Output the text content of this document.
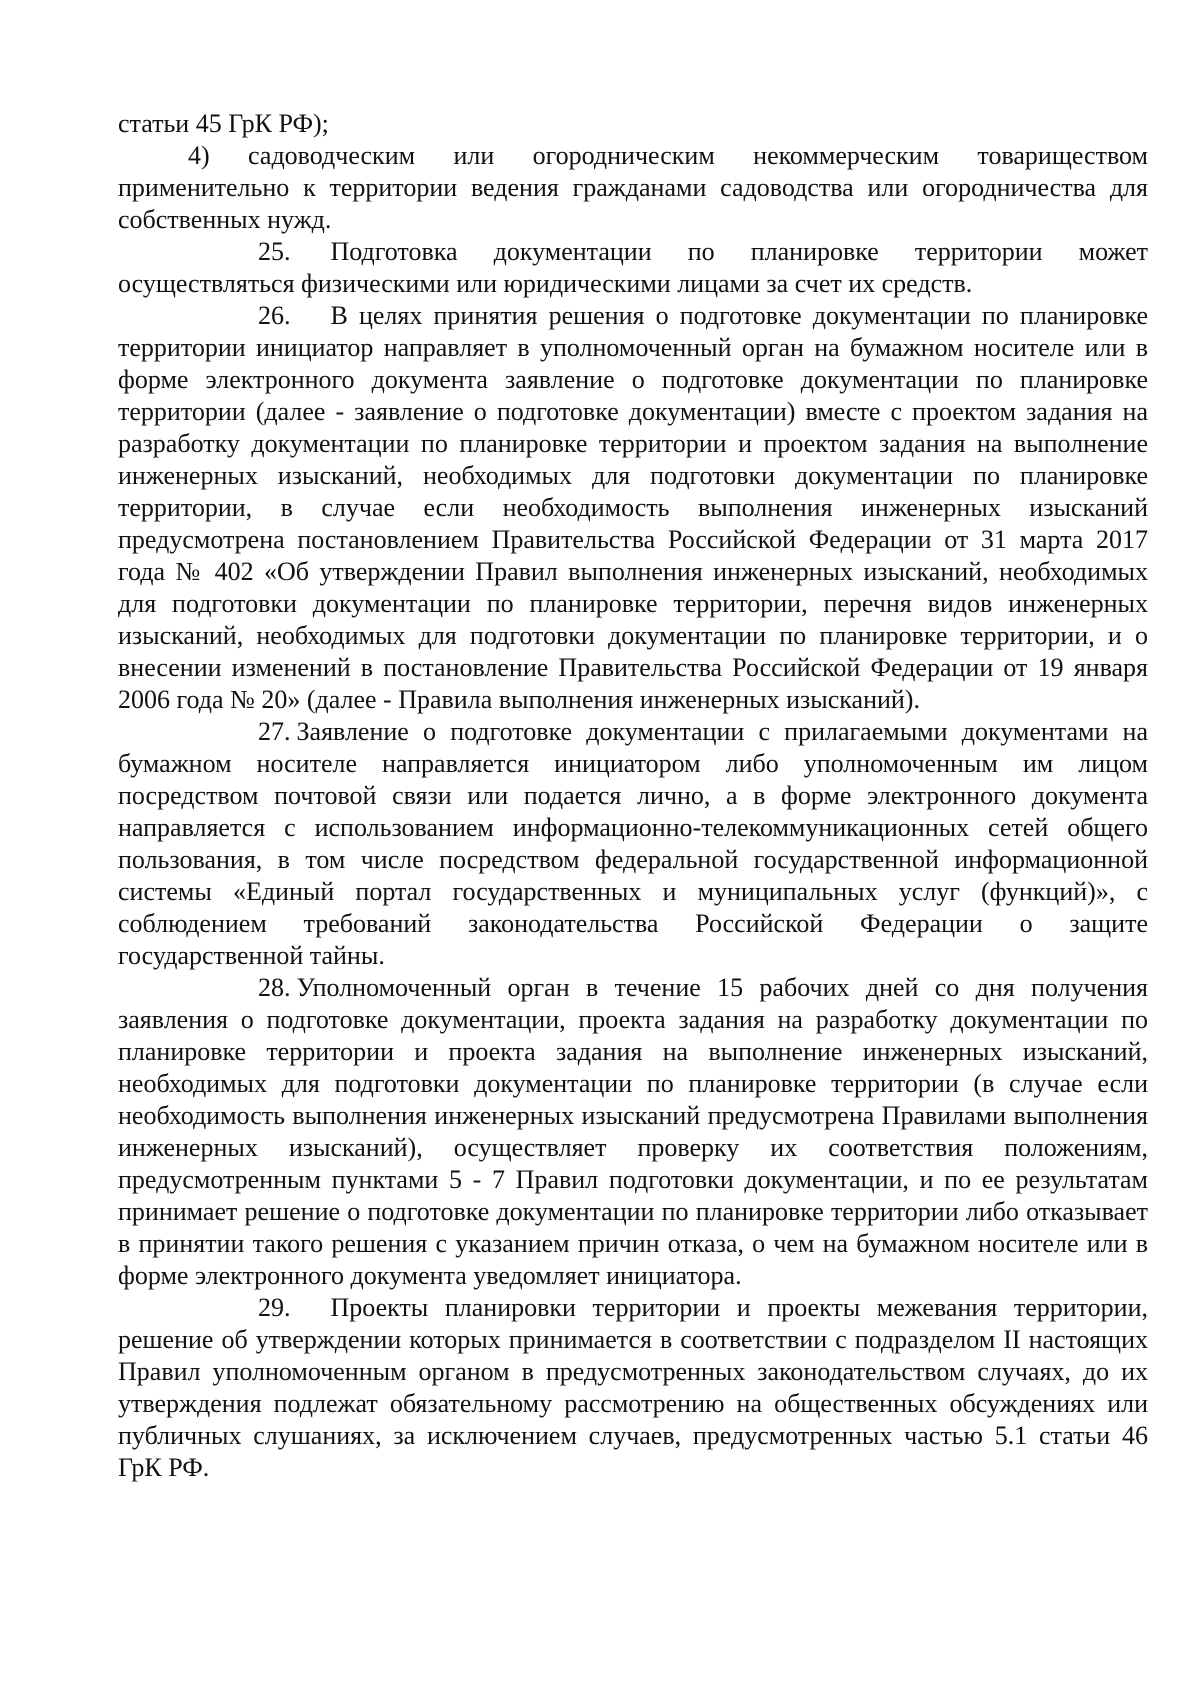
статьи 45 ГрК РФ);

4) садоводческим или огородническим некоммерческим товариществом применительно к территории ведения гражданами садоводства или огородничества для собственных нужд.

25. Подготовка документации по планировке территории может осуществляться физическими или юридическими лицами за счет их средств.

26. В целях принятия решения о подготовке документации по планировке территории инициатор направляет в уполномоченный орган на бумажном носителе или в форме электронного документа заявление о подготовке документации по планировке территории (далее - заявление о подготовке документации) вместе с проектом задания на разработку документации по планировке территории и проектом задания на выполнение инженерных изысканий, необходимых для подготовки документации по планировке территории, в случае если необходимость выполнения инженерных изысканий предусмотрена постановлением Правительства Российской Федерации от 31 марта 2017 года № 402 «Об утверждении Правил выполнения инженерных изысканий, необходимых для подготовки документации по планировке территории, перечня видов инженерных изысканий, необходимых для подготовки документации по планировке территории, и о внесении изменений в постановление Правительства Российской Федерации от 19 января 2006 года № 20» (далее - Правила выполнения инженерных изысканий).

27. Заявление о подготовке документации с прилагаемыми документами на бумажном носителе направляется инициатором либо уполномоченным им лицом посредством почтовой связи или подается лично, а в форме электронного документа направляется с использованием информационно-телекоммуникационных сетей общего пользования, в том числе посредством федеральной государственной информационной системы «Единый портал государственных и муниципальных услуг (функций)», с соблюдением требований законодательства Российской Федерации о защите государственной тайны.

28. Уполномоченный орган в течение 15 рабочих дней со дня получения заявления о подготовке документации, проекта задания на разработку документации по планировке территории и проекта задания на выполнение инженерных изысканий, необходимых для подготовки документации по планировке территории (в случае если необходимость выполнения инженерных изысканий предусмотрена Правилами выполнения инженерных изысканий), осуществляет проверку их соответствия положениям, предусмотренным пунктами 5 - 7 Правил подготовки документации, и по ее результатам принимает решение о подготовке документации по планировке территории либо отказывает в принятии такого решения с указанием причин отказа, о чем на бумажном носителе или в форме электронного документа уведомляет инициатора.

29. Проекты планировки территории и проекты межевания территории, решение об утверждении которых принимается в соответствии с подразделом II настоящих Правил уполномоченным органом в предусмотренных законодательством случаях, до их утверждения подлежат обязательному рассмотрению на общественных обсуждениях или публичных слушаниях, за исключением случаев, предусмотренных частью 5.1 статьи 46 ГрК РФ.
